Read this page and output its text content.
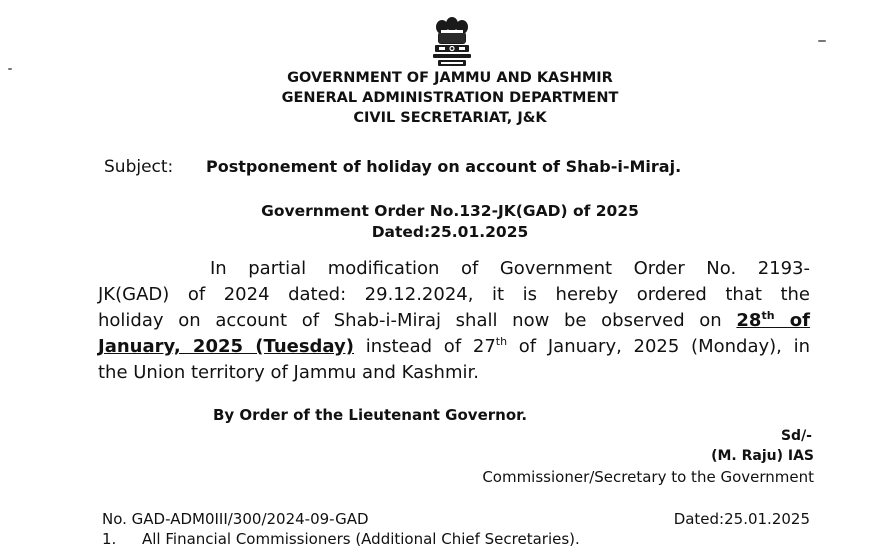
GOVERNMENT OF JAMMU AND KASHMIR
GENERAL ADMINISTRATION DEPARTMENT
CIVIL SECRETARIAT, J&K
Subject: Postponement of holiday on account of Shab-i-Miraj.
Government Order No.132-JK(GAD) of 2025
Dated:25.01.2025
In partial modification of Government Order No. 2193-
JK(GAD) of 2024 dated: 29.12.2024, it is hereby ordered that the
holiday on account of Shab-i-Miraj shall now be observed on 28th of
January, 2025 (Tuesday) instead of 27th of January, 2025 (Monday), in
the Union territory of Jammu and Kashmir.
By Order of the Lieutenant Governor.
Sd/-
(M. Raju) IAS
Commissioner/Secretary to the Government
No. GAD-ADM0III/300/2024-09-GAD	Dated:25.01.2025
1. All Financial Commissioners (Additional Chief Secretaries).
